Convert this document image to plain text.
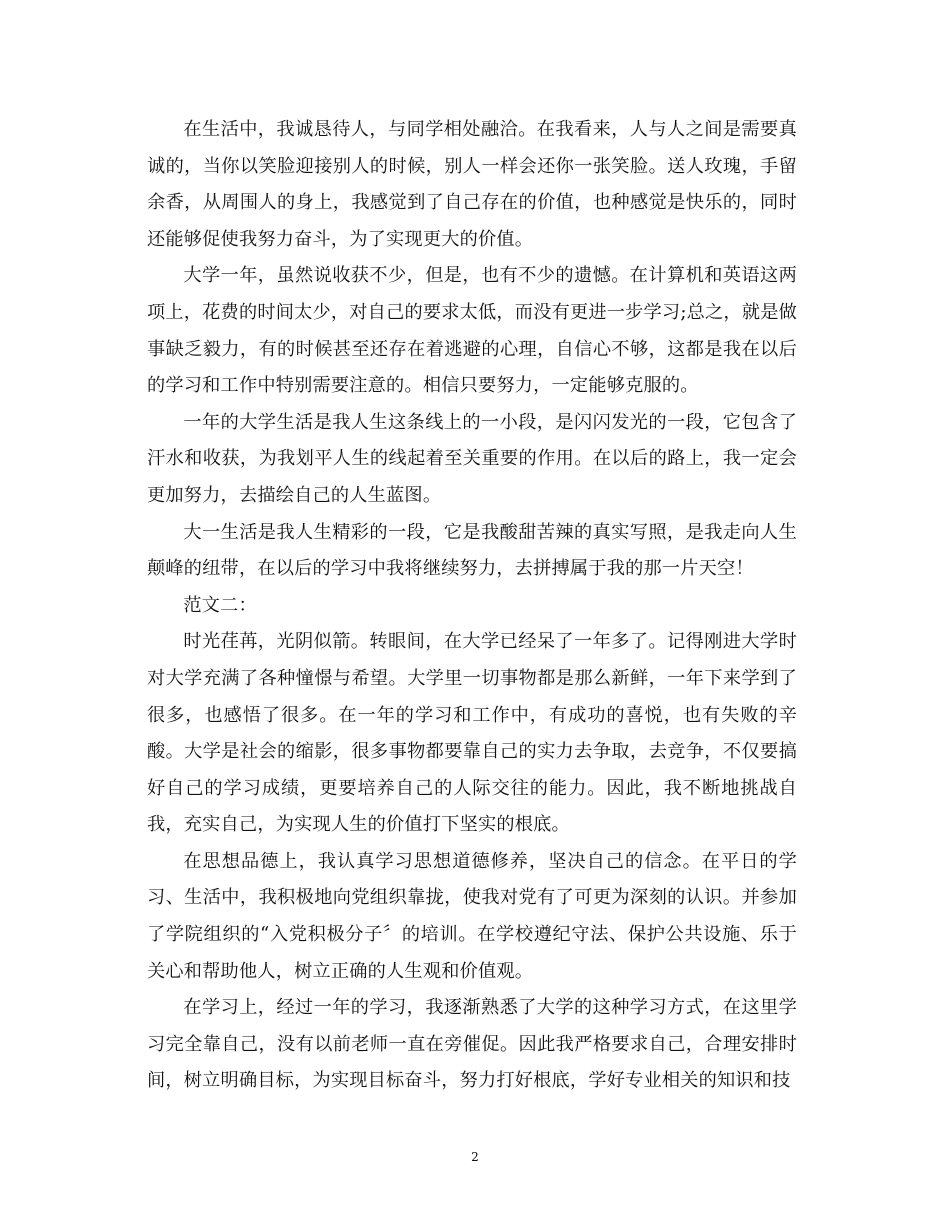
在生活中，我诚恳待人，与同学相处融洽。在我看来，人与人之间是需要真诚的，当你以笑脸迎接别人的时候，别人一样会还你一张笑脸。送人玫瑰，手留余香，从周围人的身上，我感觉到了自己存在的价值，也种感觉是快乐的，同时还能够促使我努力奋斗，为了实现更大的价值。

大学一年，虽然说收获不少，但是，也有不少的遗憾。在计算机和英语这两项上，花费的时间太少，对自己的要求太低，而没有更进一步学习;总之，就是做事缺乏毅力，有的时候甚至还存在着逃避的心理，自信心不够，这都是我在以后的学习和工作中特别需要注意的。相信只要努力，一定能够克服的。

一年的大学生活是我人生这条线上的一小段，是闪闪发光的一段，它包含了汗水和收获，为我划平人生的线起着至关重要的作用。在以后的路上，我一定会更加努力，去描绘自己的人生蓝图。

大一生活是我人生精彩的一段，它是我酸甜苦辣的真实写照，是我走向人生颠峰的纽带，在以后的学习中我将继续努力，去拼搏属于我的那一片天空！

范文二：

时光荏苒，光阴似箭。转眼间，在大学已经呆了一年多了。记得刚进大学时对大学充满了各种憧憬与希望。大学里一切事物都是那么新鲜，一年下来学到了很多，也感悟了很多。在一年的学习和工作中，有成功的喜悦，也有失败的辛酸。大学是社会的缩影，很多事物都要靠自己的实力去争取，去竞争，不仅要搞好自己的学习成绩，更要培养自己的人际交往的能力。因此，我不断地挑战自我，充实自己，为实现人生的价值打下坚实的根底。

在思想品德上，我认真学习思想道德修养，坚决自己的信念。在平日的学习、生活中，我积极地向党组织靠拢，使我对党有了可更为深刻的认识。并参加了学院组织的“入党积极分子〞的培训。在学校遵纪守法、保护公共设施、乐于关心和帮助他人，树立正确的人生观和价值观。

在学习上，经过一年的学习，我逐渐熟悉了大学的这种学习方式，在这里学习完全靠自己，没有以前老师一直在旁催促。因此我严格要求自己，合理安排时间，树立明确目标，为实现目标奋斗，努力打好根底，学好专业相关的知识和技

2
